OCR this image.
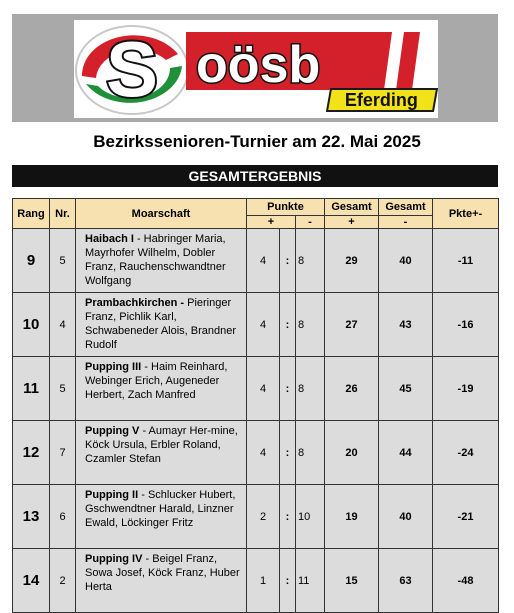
S oösb
Eferding
Bezirkssenioren-Turnier am 22. Mai 2025
GESAMTERGEBNIS
Rang	Nr.	Moarschaft	Punkte			Gesamt	Gesamt	Pkte+-
			+		-	+	-	
9	5	Haibach I - Habringer Maria, Mayrhofer Wilhelm, Dobler Franz, Rauchenschwandtner Wolfgang	4	:	8	29	40	-11
10	4	Prambachkirchen - Pieringer Franz, Pichlik Karl, Schwabeneder Alois, Brandner Rudolf	4	:	8	27	43	-16
11	5	Pupping III - Haim Reinhard, Webinger Erich, Augeneder Herbert, Zach Manfred	4	:	8	26	45	-19
12	7	Pupping V - Aumayr Her-mine, Köck Ursula, Erbler Roland, Czamler Stefan	4	:	8	20	44	-24
13	6	Pupping II - Schlucker Hubert, Gschwendtner Harald, Linzner Ewald, Löckinger Fritz	2	:	10	19	40	-21
14	2	Pupping IV - Beigel Franz, Sowa Josef, Köck Franz, Huber Herta	1	:	11	15	63	-48
